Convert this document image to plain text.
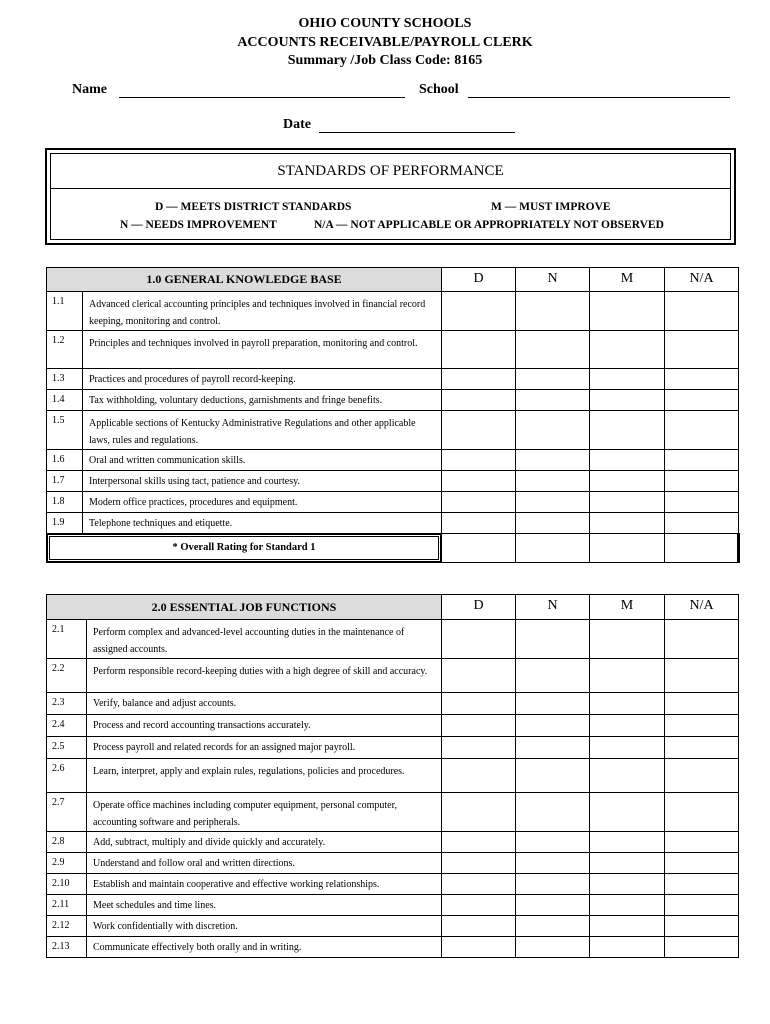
OHIO COUNTY SCHOOLS
ACCOUNTS RECEIVABLE/PAYROLL CLERK
Summary /Job Class Code: 8165
Name	School
Date
STANDARDS OF PERFORMANCE
D — MEETS DISTRICT STANDARDS	M — MUST IMPROVE
N — NEEDS IMPROVEMENT	N/A — NOT APPLICABLE OR APPROPRIATELY NOT OBSERVED
1.0 GENERAL KNOWLEDGE BASE		D	N	M	N/A
1.1	Advanced clerical accounting principles and techniques involved in financial record keeping, monitoring and control.				
1.2	Principles and techniques involved in payroll preparation, monitoring and control.				
1.3	Practices and procedures of payroll record-keeping.				
1.4	Tax withholding, voluntary deductions, garnishments and fringe benefits.				
1.5	Applicable sections of Kentucky Administrative Regulations and other applicable laws, rules and regulations.				
1.6	Oral and written communication skills.				
1.7	Interpersonal skills using tact, patience and courtesy.				
1.8	Modern office practices, procedures and equipment.				
1.9	Telephone techniques and etiquette.				

* Overall Rating for Standard 1					

2.0 ESSENTIAL JOB FUNCTIONS		D	N	M	N/A
2.1	Perform complex and advanced-level accounting duties in the maintenance of assigned accounts.				
2.2	Perform responsible record-keeping duties with a high degree of skill and accuracy.				
2.3	Verify, balance and adjust accounts.				
2.4	Process and record accounting transactions accurately.				
2.5	Process payroll and related records for an assigned major payroll.				
2.6	Learn, interpret, apply and explain rules, regulations, policies and procedures.				
2.7	Operate office machines including computer equipment, personal computer, accounting software and peripherals.				
2.8	Add, subtract, multiply and divide quickly and accurately.				
2.9	Understand and follow oral and written directions.				
2.10	Establish and maintain cooperative and effective working relationships.				
2.11	Meet schedules and time lines.				
2.12	Work confidentially with discretion.				
2.13	Communicate effectively both orally and in writing.				
